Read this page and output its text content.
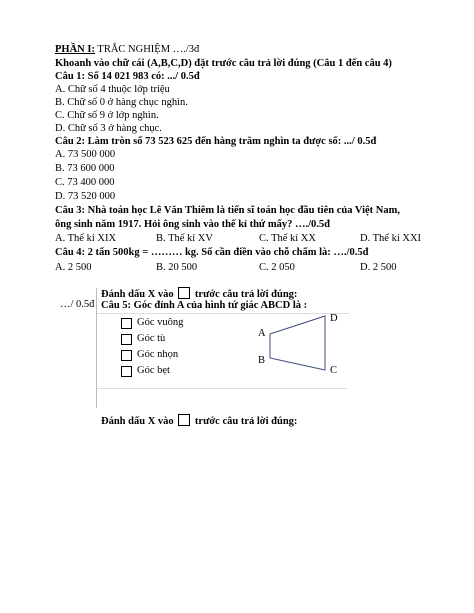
PHẦN I: TRẮC NGHIỆM …./3đ
Khoanh vào chữ cái (A,B,C,D) đặt trước câu trả lời đúng (Câu 1 đến câu 4)
Câu 1: Số 14 021 983 có: .../ 0.5đ
A. Chữ số 4 thuộc lớp triệu
B. Chữ số 0 ở hàng chục nghìn.
C. Chữ số 9 ở lớp nghìn.
D. Chữ số 3 ở hàng chục.
Câu 2: Làm tròn số 73 523 625 đến hàng trăm nghìn ta được số: .../ 0.5đ
A. 73 500 000
B. 73 600 000
C. 73 400 000
D. 73 520 000
Câu 3: Nhà toán học Lê Văn Thiêm là tiến sĩ toán học đầu tiên của Việt Nam,
ông sinh năm 1917. Hỏi ông sinh vào thế kỉ thứ mấy? …./0.5đ
A. Thế kỉ XIX	B. Thế kỉ XV	C. Thế kỉ XX	D. Thế kỉ XXI
Câu 4: 2 tấn 500kg = ……… kg. Số cần điền vào chỗ chấm là: …./0.5đ
A. 2 500	B. 20 500	C. 2 050	D. 2 500
…/ 0.5đ
Đánh dấu X vào trước câu trả lời đúng:
Câu 5: Góc đỉnh A của hình tứ giác ABCD là :
Góc vuông
Góc tù
Góc nhọn
Góc bẹt
A
B
C
D
Đánh dấu X vào trước câu trả lời đúng:
